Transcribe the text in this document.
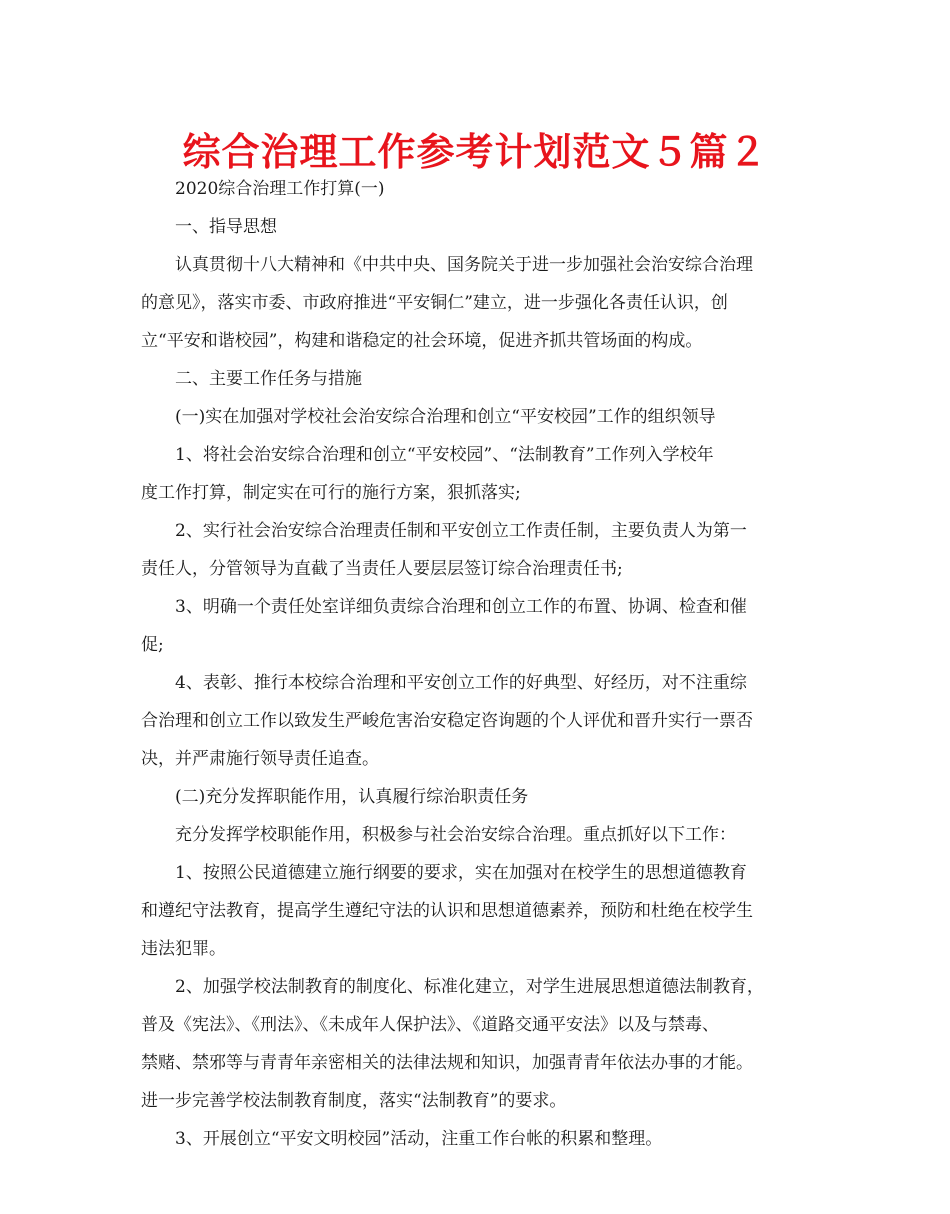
综合治理工作参考计划范文５篇２
2020综合治理工作打算(一)
一、指导思想
认真贯彻十八大精神和《中共中央、国务院关于进一步加强社会治安综合治理
的意见》，落实市委、市政府推进“平安铜仁”建立，进一步强化各责任认识，创
立“平安和谐校园”，构建和谐稳定的社会环境，促进齐抓共管场面的构成。
二、主要工作任务与措施
(一)实在加强对学校社会治安综合治理和创立“平安校园”工作的组织领导
1、将社会治安综合治理和创立“平安校园”、“法制教育”工作列入学校年
度工作打算，制定实在可行的施行方案，狠抓落实;
2、实行社会治安综合治理责任制和平安创立工作责任制，主要负责人为第一
责任人，分管领导为直截了当责任人要层层签订综合治理责任书;
3、明确一个责任处室详细负责综合治理和创立工作的布置、协调、检查和催
促;
4、表彰、推行本校综合治理和平安创立工作的好典型、好经历，对不注重综
合治理和创立工作以致发生严峻危害治安稳定咨询题的个人评优和晋升实行一票否
决，并严肃施行领导责任追查。
(二)充分发挥职能作用，认真履行综治职责任务
充分发挥学校职能作用，积极参与社会治安综合治理。重点抓好以下工作：
1、按照公民道德建立施行纲要的要求，实在加强对在校学生的思想道德教育
和遵纪守法教育，提高学生遵纪守法的认识和思想道德素养，预防和杜绝在校学生
违法犯罪。
2、加强学校法制教育的制度化、标准化建立，对学生进展思想道德法制教育，
普及《宪法》、《刑法》、《未成年人保护法》、《道路交通平安法》以及与禁毒、
禁赌、禁邪等与青青年亲密相关的法律法规和知识，加强青青年依法办事的才能。
进一步完善学校法制教育制度，落实“法制教育”的要求。
3、开展创立“平安文明校园”活动，注重工作台帐的积累和整理。
